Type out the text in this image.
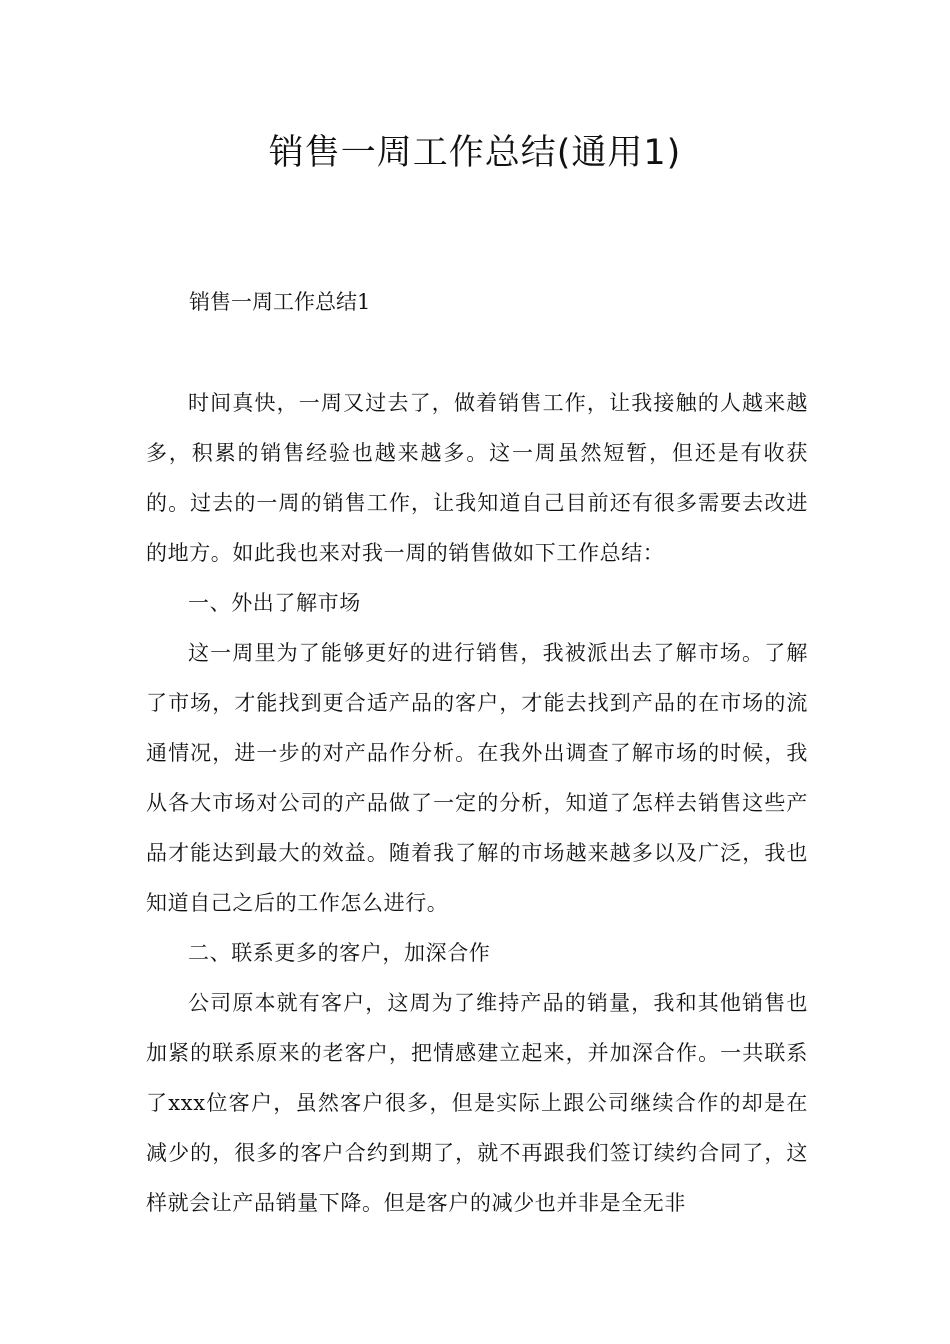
销售一周工作总结(通用1)

销售一周工作总结1

时间真快，一周又过去了，做着销售工作，让我接触的人越来越多，积累的销售经验也越来越多。这一周虽然短暂，但还是有收获的。过去的一周的销售工作，让我知道自己目前还有很多需要去改进的地方。如此我也来对我一周的销售做如下工作总结：

一、外出了解市场

这一周里为了能够更好的进行销售，我被派出去了解市场。了解了市场，才能找到更合适产品的客户，才能去找到产品的在市场的流通情况，进一步的对产品作分析。在我外出调查了解市场的时候，我从各大市场对公司的产品做了一定的分析，知道了怎样去销售这些产品才能达到最大的效益。随着我了解的市场越来越多以及广泛，我也知道自己之后的工作怎么进行。

二、联系更多的客户，加深合作

公司原本就有客户，这周为了维持产品的销量，我和其他销售也加紧的联系原来的老客户，把情感建立起来，并加深合作。一共联系了xxx位客户，虽然客户很多，但是实际上跟公司继续合作的却是在减少的，很多的客户合约到期了，就不再跟我们签订续约合同了，这样就会让产品销量下降。但是客户的减少也并非是全无非
